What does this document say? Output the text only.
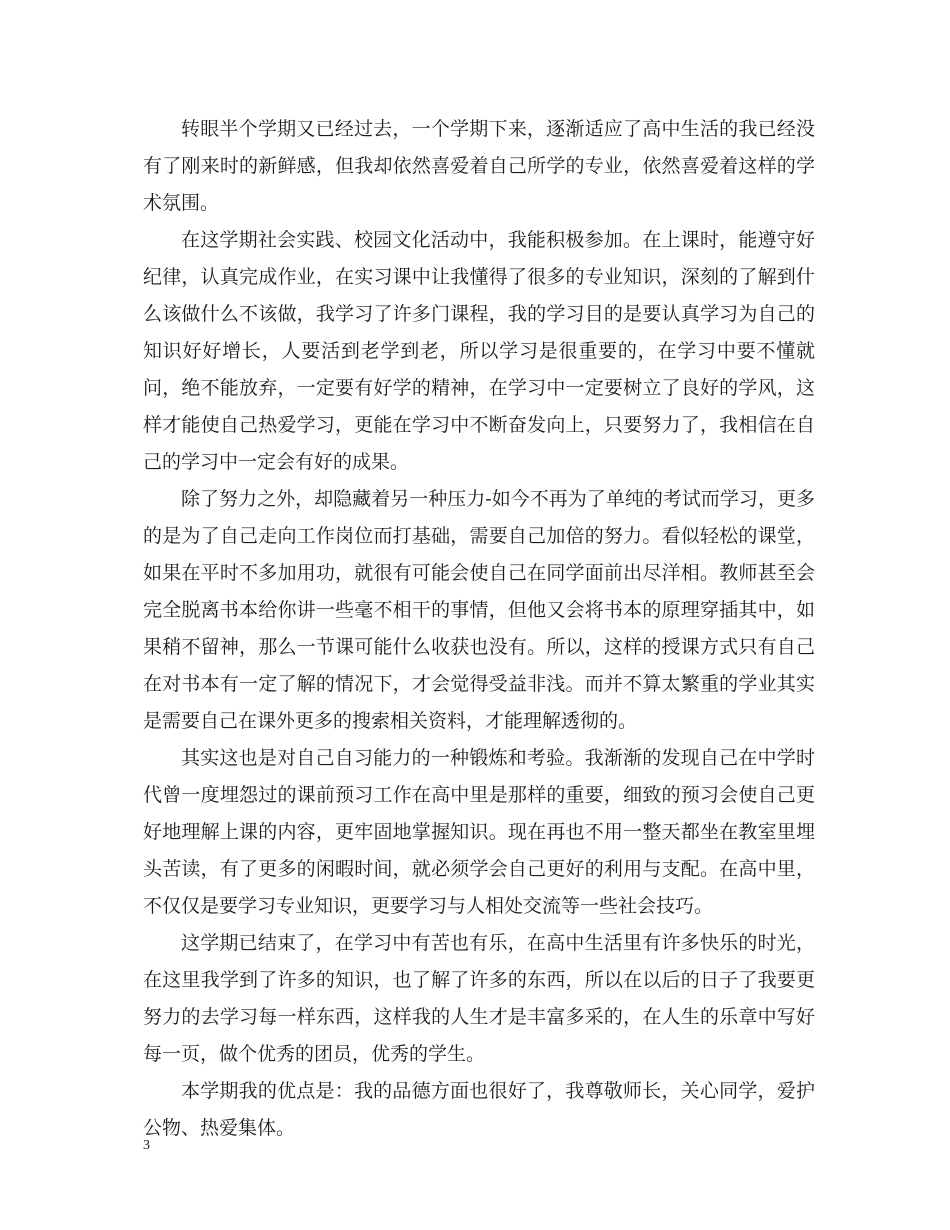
转眼半个学期又已经过去，一个学期下来，逐渐适应了高中生活的我已经没有了刚来时的新鲜感，但我却依然喜爱着自己所学的专业，依然喜爱着这样的学术氛围。

在这学期社会实践、校园文化活动中，我能积极参加。在上课时，能遵守好纪律，认真完成作业，在实习课中让我懂得了很多的专业知识，深刻的了解到什么该做什么不该做，我学习了许多门课程，我的学习目的是要认真学习为自己的知识好好增长，人要活到老学到老，所以学习是很重要的，在学习中要不懂就问，绝不能放弃，一定要有好学的精神，在学习中一定要树立了良好的学风，这样才能使自己热爱学习，更能在学习中不断奋发向上，只要努力了，我相信在自己的学习中一定会有好的成果。

除了努力之外，却隐藏着另一种压力-如今不再为了单纯的考试而学习，更多的是为了自己走向工作岗位而打基础，需要自己加倍的努力。看似轻松的课堂，如果在平时不多加用功，就很有可能会使自己在同学面前出尽洋相。教师甚至会完全脱离书本给你讲一些毫不相干的事情，但他又会将书本的原理穿插其中，如果稍不留神，那么一节课可能什么收获也没有。所以，这样的授课方式只有自己在对书本有一定了解的情况下，才会觉得受益非浅。而并不算太繁重的学业其实是需要自己在课外更多的搜索相关资料，才能理解透彻的。

其实这也是对自己自习能力的一种锻炼和考验。我渐渐的发现自己在中学时代曾一度埋怨过的课前预习工作在高中里是那样的重要，细致的预习会使自己更好地理解上课的内容，更牢固地掌握知识。现在再也不用一整天都坐在教室里埋头苦读，有了更多的闲暇时间，就必须学会自己更好的利用与支配。在高中里，不仅仅是要学习专业知识，更要学习与人相处交流等一些社会技巧。

这学期已结束了，在学习中有苦也有乐，在高中生活里有许多快乐的时光，在这里我学到了许多的知识，也了解了许多的东西，所以在以后的日子了我要更努力的去学习每一样东西，这样我的人生才是丰富多采的，在人生的乐章中写好每一页，做个优秀的团员，优秀的学生。

本学期我的优点是：我的品德方面也很好了，我尊敬师长，关心同学，爱护公物、热爱集体。

3
